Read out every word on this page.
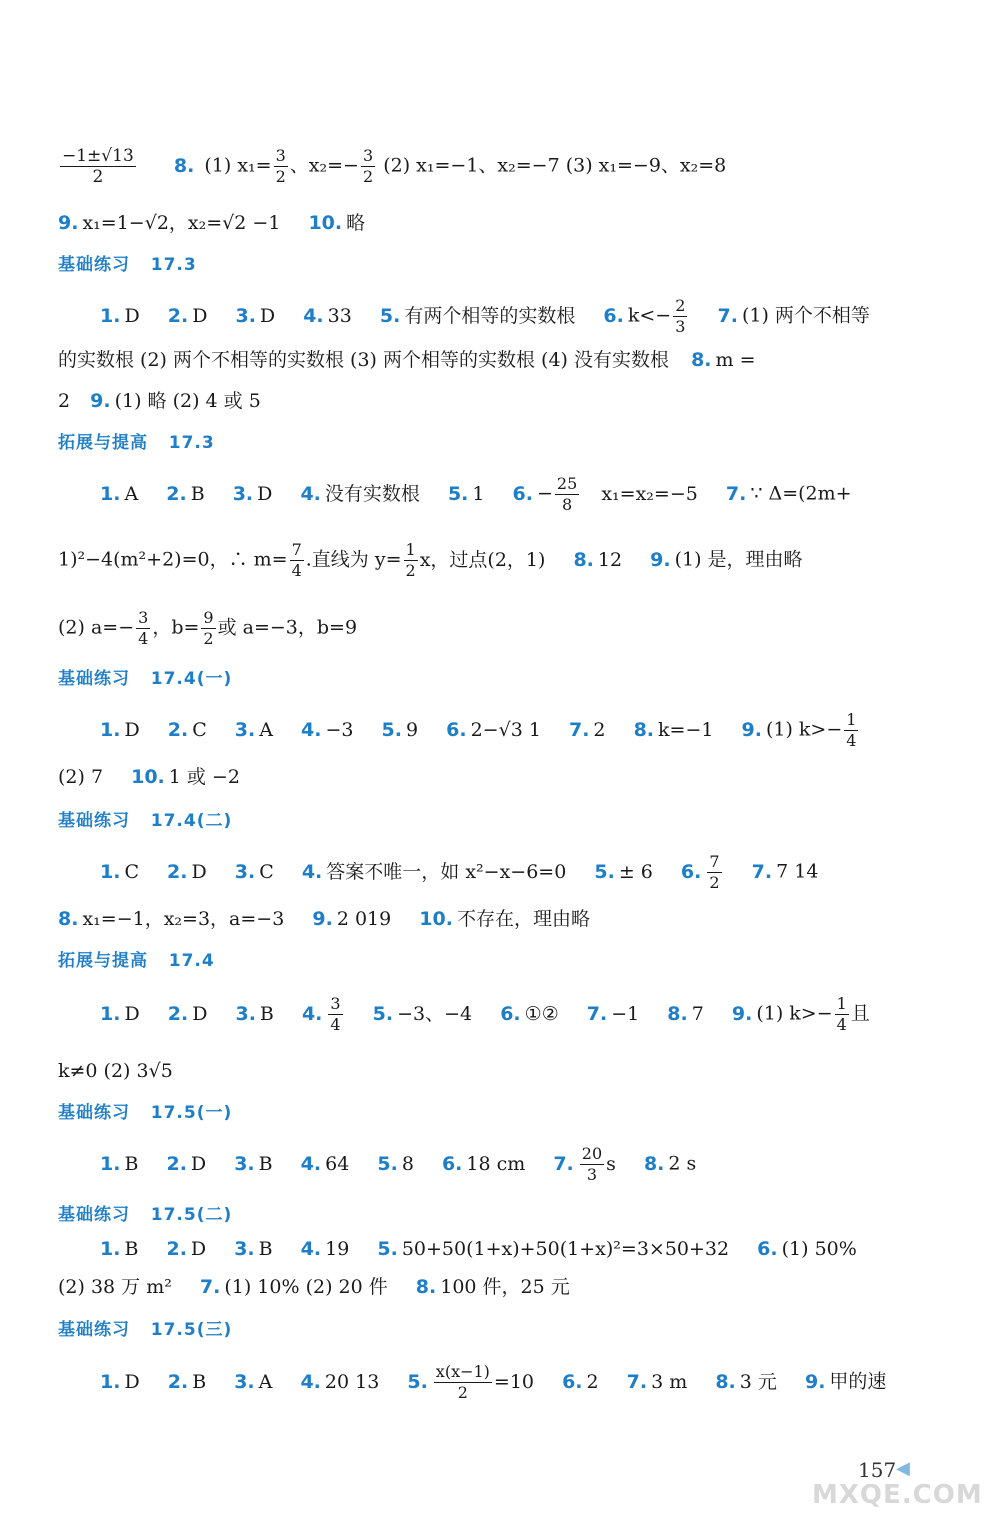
$\frac{-1\pm√13}{2} 8$. (1) $x_1= \frac{3}{2}$ 、$x_2=- \frac{3}{2} (2)$ x₁=−1、x₂=−7 (3) x₁=−9、x₂=8
9. x₁=1−√2，x₂=√2 −1 10. 略
基础练习 17.3
1. D 2. D 3. D 4. 33 5. 有两个相等的实数根 6. $k<- \frac{2}{3} 7$. (1) 两个不相等
的实数根 (2) 两个不相等的实数根 (3) 两个相等的实数根 (4) 没有实数根 8. m =
2 9. (1) 略 (2) 4 或 5
拓展与提高 17.3
1. A 2. B 3. D 4. 没有实数根 5. 1 6. − $\frac{25}{8} x_1=x_2=-5$ 7. ∵ Δ=(2m+
1)²−4(m²+2)=0，∴ $m= \frac{7}{4}$ .直线为 $y= \frac{1}{2}$ x，过点(2，1) 8. 12 9. (1) 是，理由略
(2) $a=- \frac{3}{4}$ ，$b= \frac{9}{2}$ 或 a=−3，b=9
基础练习 17.4(一)
1. D 2. C 3. A 4. −3 5. 9 6. 2−√3 1 7. 2 8. k=−1 9. (1) $k>- \frac{1}{4}$
(2) 7 10. 1 或 −2
基础练习 17.4(二)
1. C 2. D 3. C 4. 答案不唯一，如 x²−x−6=0 5. ± 6 6. $\frac{7}{2} 7$. 7 14
8. x₁=−1，x₂=3，a=−3 9. 2 019 10. 不存在，理由略
拓展与提高 17.4
1. D 2. D 3. B 4. $\frac{3}{4} 5$. −3、−4 6. ①② 7. −1 8. 7 9. (1) $k>- \frac{1}{4}$ 且
k≠0 (2) 3√5
基础练习 17.5(一)
1. B 2. D 3. B 4. 64 5. 8 6. 18 cm 7. $\frac{20}{3}$ s 8. 2 s
基础练习 17.5(二)
1. B 2. D 3. B 4. 19 5. 50+50(1+x)+50(1+x)²=3×50+32 6. (1) 50%
(2) 38 万 m² 7. (1) 10% (2) 20 件 8. 100 件，25 元
基础练习 17.5(三)
1. D 2. B 3. A 4. 20 13 5. $\frac{x(x-1)}{2} =10$ 6. 2 7. 3 m 8. 3 元 9. 甲的速
157 ◀
MXQE.COM
